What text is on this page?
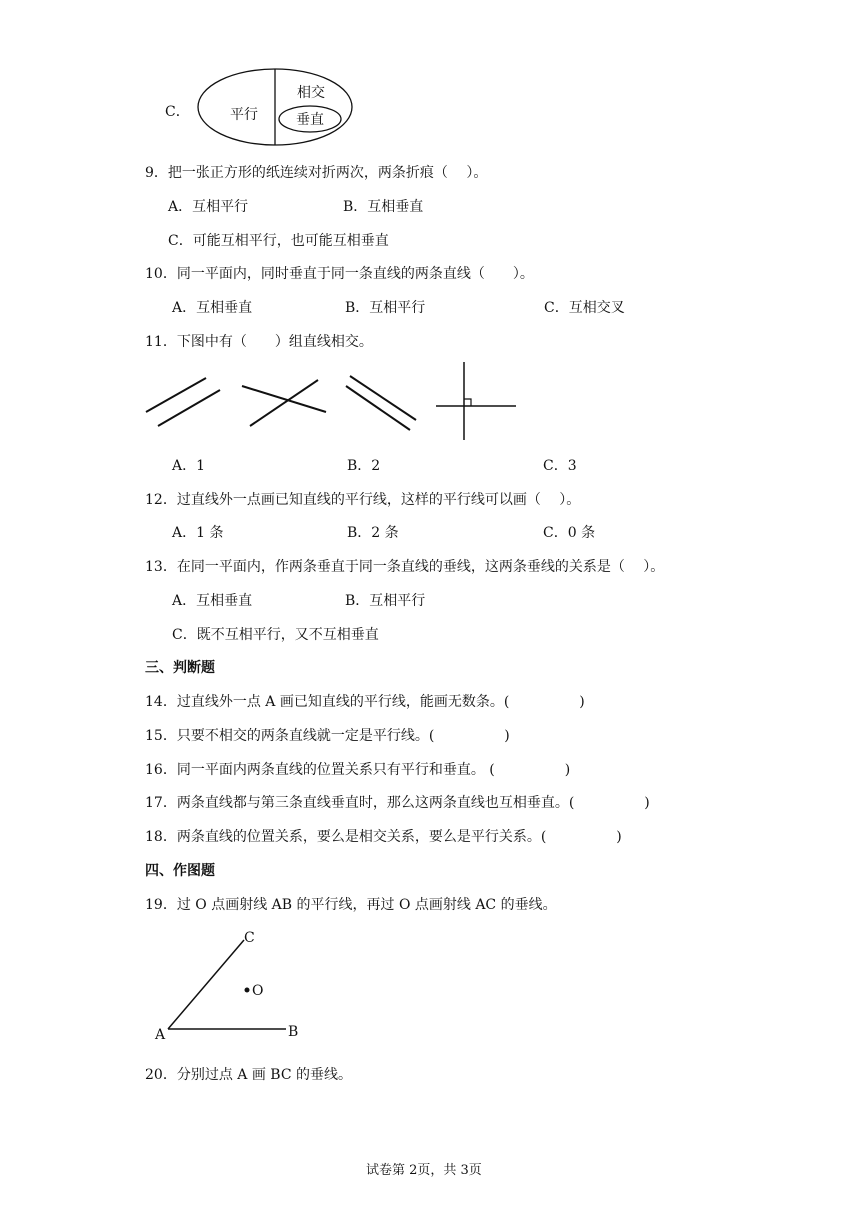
C．	平行
相交
垂直
9．把一张正方形的纸连续对折两次，两条折痕（　 ）。
A．互相平行	B．互相垂直
C．可能互相平行，也可能互相垂直
10．同一平面内，同时垂直于同一条直线的两条直线（　　）。
A．互相垂直	B．互相平行	C．互相交叉
11．下图中有（　　）组直线相交。
A．1	B．2	C．3
12．过直线外一点画已知直线的平行线，这样的平行线可以画（　 ）。
A．1 条	B．2 条	C．0 条
13．在同一平面内，作两条垂直于同一条直线的垂线，这两条垂线的关系是（　 ）。
A．互相垂直	B．互相平行
C．既不互相平行，又不互相垂直
三、判断题
14．过直线外一点 A 画已知直线的平行线，能画无数条。(　　　　　)
15．只要不相交的两条直线就一定是平行线。(　　　　　)
16．同一平面内两条直线的位置关系只有平行和垂直。 (　　　　　)
17．两条直线都与第三条直线垂直时，那么这两条直线也互相垂直。(　　　　　)
18．两条直线的位置关系，要么是相交关系，要么是平行关系。(　　　　　)
四、作图题
19．过 O 点画射线 AB 的平行线，再过 O 点画射线 AC 的垂线。
C
O
A	B
20．分别过点 A 画 BC 的垂线。
试卷第 2页，共 3页
